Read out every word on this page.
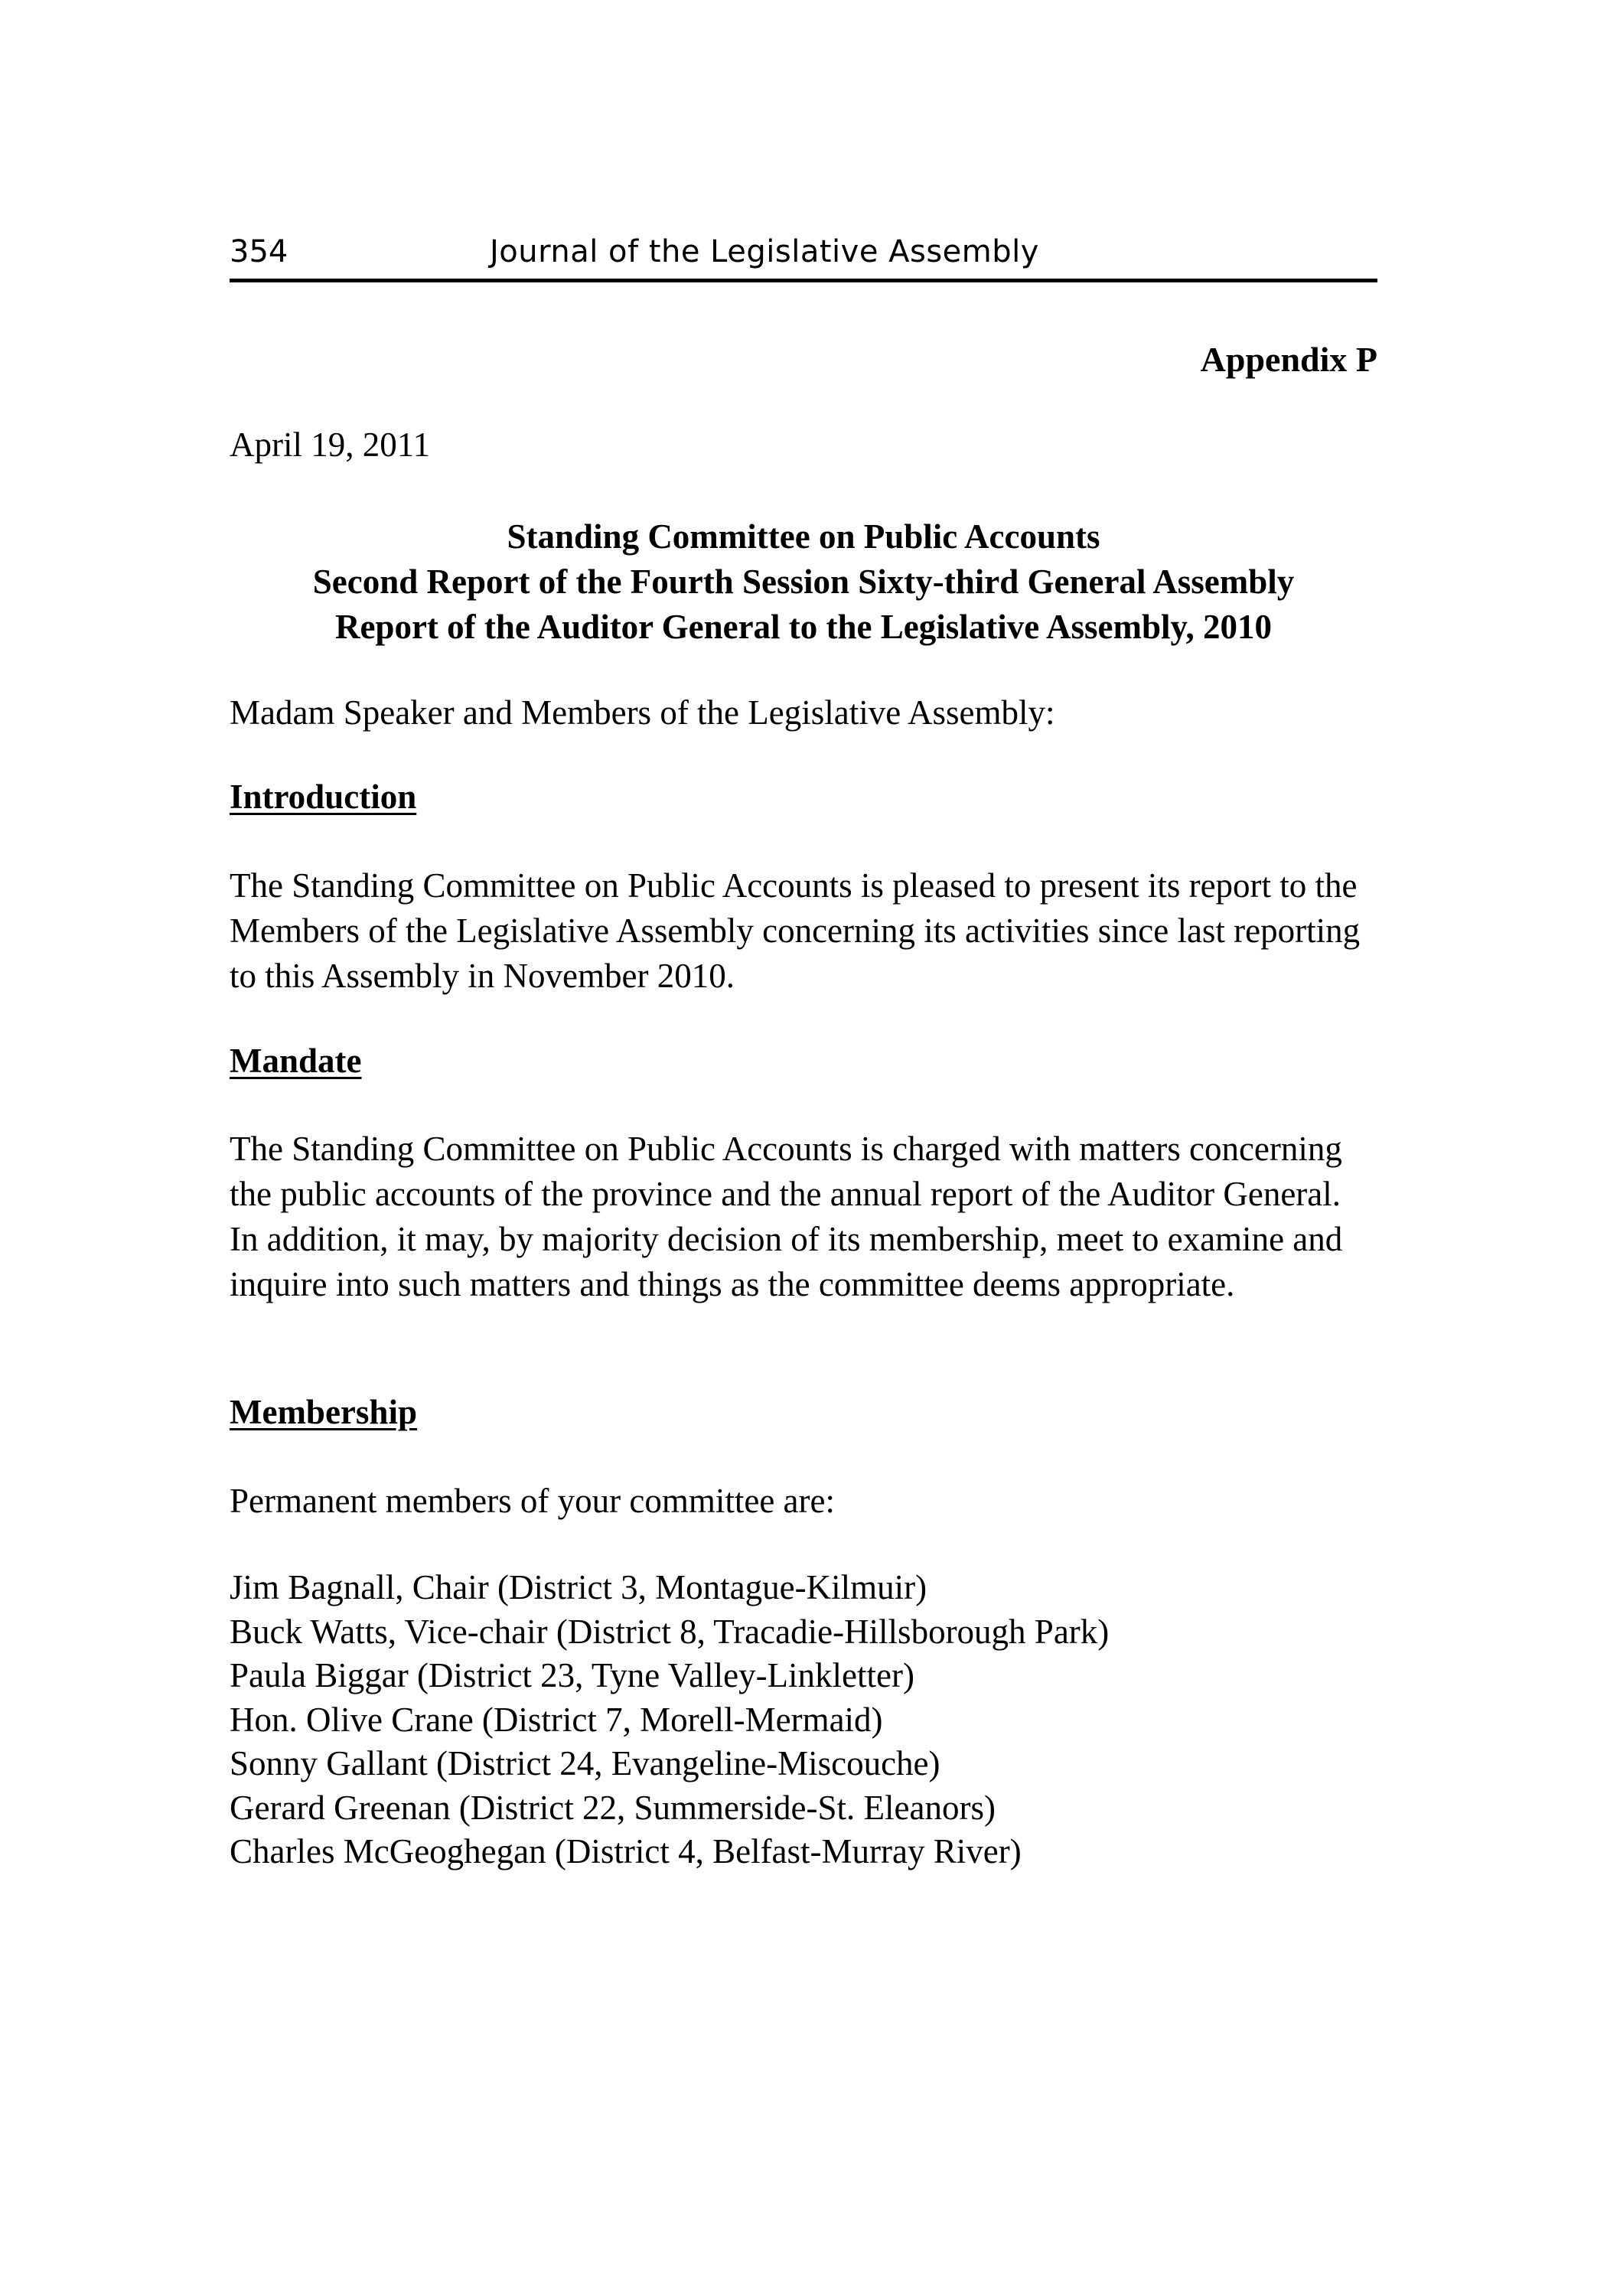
354	Journal of the Legislative Assembly
Appendix P
April 19, 2011
Standing Committee on Public Accounts
Second Report of the Fourth Session Sixty-third General Assembly
Report of the Auditor General to the Legislative Assembly, 2010
Madam Speaker and Members of the Legislative Assembly:
Introduction
The Standing Committee on Public Accounts is pleased to present its report to the Members of the Legislative Assembly concerning its activities since last reporting to this Assembly in November 2010.
Mandate
The Standing Committee on Public Accounts is charged with matters concerning the public accounts of the province and the annual report of the Auditor General. In addition, it may, by majority decision of its membership, meet to examine and inquire into such matters and things as the committee deems appropriate.
Membership
Permanent members of your committee are:
Jim Bagnall, Chair (District 3, Montague-Kilmuir)
Buck Watts, Vice-chair (District 8, Tracadie-Hillsborough Park)
Paula Biggar (District 23, Tyne Valley-Linkletter)
Hon. Olive Crane (District 7, Morell-Mermaid)
Sonny Gallant (District 24, Evangeline-Miscouche)
Gerard Greenan (District 22, Summerside-St. Eleanors)
Charles McGeoghegan (District 4, Belfast-Murray River)
